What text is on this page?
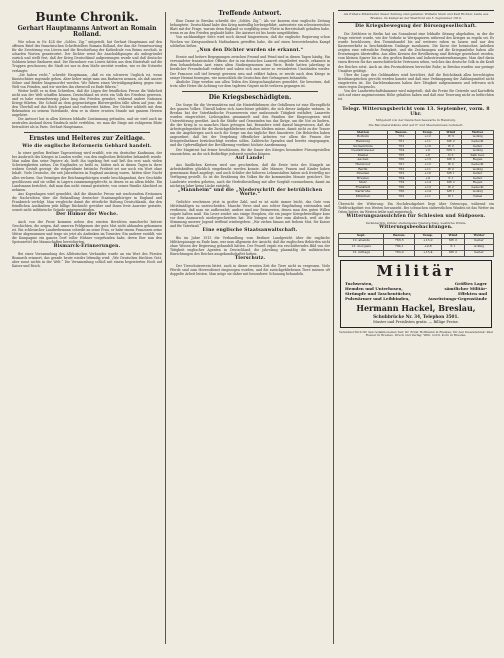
Bunte Chronik.
Gerhart Hauptmanns Antwort an Romain Rolland.

Wie schon in Nr. 424 der „Schles. Zig.“ mitgeteilt, hat Gerhart Hauptmann auf den offenen Brief des französischen Schriftstellers Romain Rolland, der ihm die Verantwortung für die Zerstörung von Löwen und die Beschießung der Kathedrale von Reims zuschob, in scharfen Worten geantwortet. Der Dichter weist die Anschuldigungen als unbegründet zurück und stellt fest, daß der Krieg Deutschland aufgezwungen wurde und daß deutsche Soldaten keine Barbaren sind. Die Einwohner von Löwen hätten aus dem Hinterhalt auf die Truppen geschossen; die Stadt sei nur in dem Maße zerstört worden, wie es die Notwehr verlangte.

„Sie haben recht,“ schreibt Hauptmann, „daß es ein schweres Unglück ist, wenn Kunstschätze zugrunde gehen. Aber lieber möge man uns Barbaren nennen, als daß unsere Söhne und Brüder hingemordet werden. Wir führen einen Verteidigungskrieg gegen eine Welt von Feinden, und wir werden ihn ehrenvoll zu Ende führen.“

Weiter heißt es in dem Schreiben, daß die Lügen der feindlichen Presse die Wahrheit nicht aus der Welt schaffen können. Deutschland sei stets ein Volk des Friedens gewesen, und es habe vierundvierzig Jahre lang den Frieden gewahrt, während andere Nationen Kriege führten. Die Schuld an dem gegenwärtigen Blutvergießen falle allein auf jene, die den Überfall auf das Reich geplant und vorbereitet hätten. Der Dichter schließt mit dem Bekenntnis zu seinem Vaterlande, dem er in dieser ernsten Stunde mit ganzem Herzen angehöre.

Die Antwort hat in allen Kreisen lebhafte Zustimmung gefunden, und sie wird auch im neutralen Ausland ihren Eindruck nicht verfehlen, wo man die Dinge mit ruhigerem Blute betrachtet als in Paris. Gerhart Hauptmann.

Ernstes und Heiteres zur Zeitlage.
Wie die englische Reformerin Gebhard handelt.

In einer großen Berliner Tageszeitung wird erzählt, wie ein deutscher Kaufmann, der bei Ausbruch des Krieges in London weilte, von den englischen Behörden behandelt wurde. Man nahm ihm seine Papiere ab, hielt ihn tagelang fest und ließ ihn erst nach vielen Schwierigkeiten ziehen. Die Engländer, so heißt es, hätten sich in diesen Tagen in ihrer wahren Gestalt gezeigt; die vielgerühmte britische Freiheit sei nur noch ein Wort ohne Inhalt. Viele Deutsche, die seit Jahrzehnten in England ansässig waren, hätten über Nacht alles verloren. Das Vermögen der Reichsangehörigen wurde beschlagnahmt, ihre Geschäfte geschlossen und sie selbst in Lagern zusammengepfercht, in denen es an allem fehlte. Ein Landsmann berichtet, daß man ihm nicht einmal gestattete, von seiner Familie Abschied zu nehmen.

Aus Kopenhagen wird gemeldet, daß die dänische Presse mit wachsendem Erstaunen die Nachrichten über die Behandlung deutscher Staatsangehöriger in England und Frankreich verfolgt. Man vergleiche damit die ritterliche Haltung Deutschlands, das den feindlichen Ausländern jede billige Rücksicht gewähre und ihnen freie Ausreise gestatte, soweit nicht militärische Gründe entgegenstünden.

Der Humor der Woche.

Auch von der Front kommen neben den ernsten Berichten mancherlei heitere Geschichten, die zeigen, daß unseren Feldgrauen der gute Mut nicht abhanden gekommen ist. Ein schlesischer Landwehrmann schreibt an seine Frau, er habe einem Franzosen seine Mütze abgenommen und trage sie jetzt als Andenken im Tornister. Ein anderer erzählt, wie die Kompagnie ein ganzes Dorf voller Hühner vorgefunden habe, deren Eier nun den Speisezettel der Mannschaften bereicherten.

Bismarck-Erinnerungen.

Bei einer Versammlung des Alldeutschen Verbandes wurde an ein Wort des Fürsten Bismarck erinnert, das gerade heute wieder lebendig wird: „Wir Deutschen fürchten Gott, aber sonst nichts in der Welt.“ Die Versammlung schloß mit einem begeisterten Hoch auf Kaiser und Reich.

Treffende Antwort.

Eine Dame in Breslau schreibt der „Schles. Zig.“: Als vor kurzem eine englische Zeitung behauptete, Deutschland habe den Krieg mutwillig herbeigeführt, antwortete ein schweizerisches Blatt mit der Frage, warum denn England so sorgfältig seine Flotte in Bereitschaft gehalten habe, wenn es an den Frieden geglaubt hätte. Die Antwort ist bis heute ausgeblieben.

Von sachkundiger Seite wird noch darauf hingewiesen, daß die englische Regierung schon Wochen vor Kriegsausbruch Maßnahmen getroffen habe, die auf einen bevorstehenden Kampf schließen ließen.

„Nun den Dichter wurden sie erkannt.“

Ernste und heitere Begegnungen zwischen Freund und Feind sind in diesen Tagen häufig. Ein verwundeter französischer Offizier, der in ein deutsches Lazarett eingeliefert wurde, erkannte in dem behandelnden Arzt einen alten Studiengenossen aus Paris. Beide hatten jahrelang in herzlicher Freundschaft verkehrt und sahen sich nun unter so veränderten Umständen wieder. Der Franzose soll tief bewegt gewesen sein und erklärt haben, er werde nach dem Kriege in seiner Heimat bezeugen, wie menschlich die Deutschen ihre Gefangenen behandeln.

Ähnliche Züge werden aus allen Teilen des Kriegsschauplatzes gemeldet. Sie beweisen, daß trotz aller Hetze die Achtung vor dem tapferen Gegner nicht verloren gegangen ist.

Die Kriegsbeschädigten.

Die Sorge für die Verwundeten und die Hinterbliebenen der Gefallenen ist eine Ehrenpflicht des ganzen Volkes. Überall haben sich Ausschüsse gebildet, die sich dieser Aufgabe widmen. In Breslau hat der Vaterländische Frauenverein eine umfassende Tätigkeit entfaltet; Lazarette wurden eingerichtet, Liebesgaben gesammelt und den Familien der Eingezogenen wird Unterstützung gewährt. Auch die Städte und Gemeinden tun das Ihrige, um die Not zu lindern, die der Krieg in so manches Haus getragen hat. Besonders wird darauf hingewiesen, daß die Arbeitsgelegenheit für die Zurückgebliebenen erhalten bleiben müsse, damit nicht zu der Trauer um die Angehörigen auch noch die Sorge um das tägliche Brot hinzutrete. Die Behörden haben angeordnet, daß bei der Vergebung öffentlicher Arbeiten vor allem die Frauen der Kriegsteilnehmer berücksichtigt werden sollen. Zahlreiche Spenden sind bereits eingegangen, und die Opferwilligkeit der Bevölkerung verdient höchste Anerkennung.

Der Magistrat hat ferner beschlossen, für die Dauer des Krieges besondere Fürsorgestellen einzurichten, an die sich Bedürftige jederzeit wenden können.

Auf Lande!

Aus ländlichen Kreisen wird uns geschrieben, daß die Ernte trotz des Mangels an Arbeitskräften glücklich eingebracht werden konnte. Alte Männer, Frauen und Kinder haben gemeinsam Hand angelegt, und auch Schüler der höheren Lehranstalten haben sich freiwillig zur Verfügung gestellt. So ist die Ernährung des Volkes für die kommenden Monate gesichert. Die Landwirte werden gebeten, auch die Herbstbestellung mit aller Sorgfalt vorzunehmen, damit im nächsten Jahre keine Lücke entsteht.

„Mannheim“ und die „Niederschrift der betrüblichen Worte.“

Gedichte erscheinen jetzt in großer Zahl, und es ist nicht immer leicht, das Gute vom Mittelmäßigen zu unterscheiden. Manche Verse sind aus echter Empfindung entstanden und verdienen, daß man sie aufbewahrt; andere sind nur Reimereien, denen man den guten Willen zugute halten muß. Ein Leser sendet uns einige Strophen, die ein junger Kriegsfreiwilliger kurz vor dem Ausmarsch niedergeschrieben hat. Wir bringen sie hier zum Abdruck, weil sie die Stimmung unserer Jugend treffend wiedergeben: „Wir ziehen hinaus mit frohem Mut, für Kaiser und für Vaterland.“

Eine englische Staatsanwaltschaft.

Bis im Jahre 1915 die Verhandlung vom Berliner Landgericht über die englische Militärspionage zu Ende kam, war man allgemein der Ansicht, daß die englischen Behörden nicht ohne Wissen der Regierung gehandelt hätten. Der Prozeß ergab ein erschütterndes Bild von der Tätigkeit englischer Agenten in Deutschland, die jahrelang planmäßig die militärischen Einrichtungen des Reiches ausgekundschaftet hatten.

Tierschutz.

Der Tierschutzverein bittet, auch in dieser ernsten Zeit die Tiere nicht zu vergessen. Viele Pferde sind zum Heeresdienst eingezogen worden, und die zurückgebliebenen Tiere müssen oft doppelte Arbeit leisten. Man möge sie daher mit besonderer Schonung behandeln.

Als frühere Mitarbeiter dieser Zeitung sind gefallen: Wilhelm Stein und Karl Richter, beide aus Breslau, im Kampf an der Westfront am 5. September 1914.

Die Kriegsbewegung der Börsengesellschaft.

Die Zeitbörse in Berlin hat am Sonnabend eine lebhafte Sitzung abgehalten, in der die Frage erörtert wurde, wie der Verkehr in Wertpapieren während des Krieges zu regeln sei. Es wurde beschlossen, den Terminhandel bis auf weiteres ruhen zu lassen und nur den Kassenverkehr in beschränktem Umfange zuzulassen. Die Kurse der heimischen Anleihen zeigten eine erfreuliche Festigkeit, und die Zeichnungen auf die Kriegsanleihe haben alle Erwartungen übertroffen. Aus allen Kreisen der Bevölkerung sind Beträge gezeichnet worden, vom kleinen Sparer bis zu den großen Banken und Industrieunternehmungen. Man darf darin einen Beweis für das unerschütterliche Vertrauen sehen, welches das deutsche Volk in die Kraft des Reiches setzt. Auch an den Provinzbörsen herrschte Ruhe; in Breslau wurden nur geringe Umsätze getätigt.

Über die Lage des Geldmarktes wird berichtet, daß die Reichsbank allen berechtigten Kreditansprüchen gerecht werden konnte und daß eine Verknappung der Zahlungsmittel nicht eingetreten ist. Die Darlehenskassen haben ihre Tätigkeit aufgenommen und erfreuen sich eines regen Zuspruchs.

Von der Landwirtschaftskammer wird mitgeteilt, daß die Preise für Getreide und Kartoffeln sich auf einer angemessenen Höhe gehalten haben und daß eine Teuerung nicht zu befürchten ist.

Telegr. Witterungsbericht vom 13. September, vorm. 8 Uhr.

Mitgeteilt von der Deutschen Seewarte in Hamburg.

Die Barometerstände sind auf 0° und Meeresniveau reduziert.

Station	Barom.	Temp.	Wind	Wetter
Borkum	762	+12	W 3	wolkig
Hamburg	761	+11	SW 2	bedeckt
Swinemünde	763	+10	W 2	heiter
Neufahrwasser	764	+9	NW 1	wolkig
Memel	765	+8	N 2	halb bed.
Aachen	760	+13	SW 3	Regen
Hannover	761	+12	W 2	bedeckt
Berlin	762	+11	W 2	wolkig
Dresden	763	+10	SW 1	heiter
Breslau	764	+9	S 1	heiter
Metz	759	+14	SW 2	Regen
Frankfurt	760	+13	W 2	bedeckt
Karlsruhe	760	+14	SW 1	wolkig
München	762	+11	W 1	Nebel

Übersicht der Witterung: Ein Hochdruckgebiet liegt über Osteuropa, während ein Tiefdruckgebiet von Westen heranzieht. Bei schwachen südwestlichen Winden ist das Wetter im Osten heiter, im Westen trübe und regnerisch.

Witterungsaussichten für Schlesien und Südposen.

Veränderlich, kühler, stellenweise Niederschlag, westliche Winde.

Witterungsbeobachtungen.
Sept.	Barom.	Temp.	Wind	Wetter
12. abends	763,5	+13,2	SW 2	heiter
13. morgens	764,1	+9,8	S 1	wolkig
13. mittags	763,2	+15,4	SW 2	heiter

Militär

Tuchwesten,

Hemden und Unterhosen,

Strümpfe und Taschentücher,

Pulswärmer und Leibbinden,

Größtes Lager

sämtlicher Militär-

Effekten und

Ausrüstungs-Gegenstände

Hermann Hackel, Breslau,

Schuhbrücke Nr. 34, Telephon 3501.

Muster und Preislisten gratis. — Billige Preise.

Verantwortlich für den redaktionellen Teil: Dr. Ernst Hoffmann in Breslau; für den Inseratenteil: Paul Rosner in Breslau. Druck und Verlag: Wilh. Gottl. Korn in Breslau.
